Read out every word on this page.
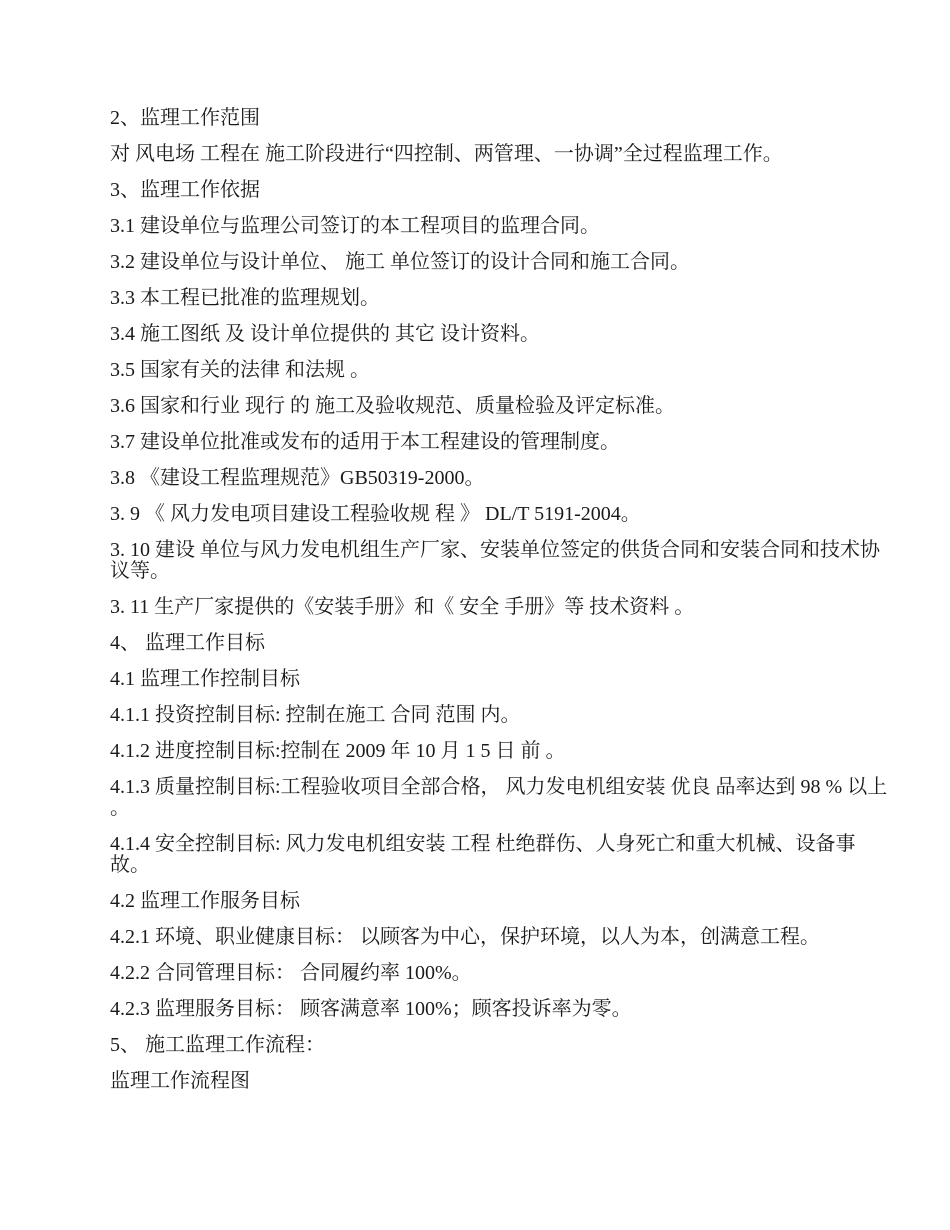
2、监理工作范围

对 风电场 工程在 施工阶段进行“四控制、两管理、一协调”全过程监理工作。

3、监理工作依据

3.1 建设单位与监理公司签订的本工程项目的监理合同。

3.2 建设单位与设计单位、 施工 单位签订的设计合同和施工合同。

3.3 本工程已批准的监理规划。

3.4 施工图纸 及 设计单位提供的 其它 设计资料。

3.5 国家有关的法律 和法规 。

3.6 国家和行业 现行 的 施工及验收规范、质量检验及评定标准。

3.7 建设单位批准或发布的适用于本工程建设的管理制度。

3.8 《建设工程监理规范》GB50319-2000。

3. 9 《 风力发电项目建设工程验收规 程 》 DL/T 5191-2004。

3. 10 建设 单位与风力发电机组生产厂家、安装单位签定的供货合同和安装合同和技术协 议等。

3. 11 生产厂家提供的《安装手册》和《 安全 手册》等 技术资料 。

4、 监理工作目标

4.1 监理工作控制目标

4.1.1 投资控制目标: 控制在施工 合同 范围 内。

4.1.2 进度控制目标:控制在 2009 年 10 月 1 5 日 前 。

4.1.3 质量控制目标:工程验收项目全部合格， 风力发电机组安装 优良 品率达到 98 % 以上 。

4.1.4 安全控制目标: 风力发电机组安装 工程 杜绝群伤、人身死亡和重大机械、设备事 故。

4.2 监理工作服务目标

4.2.1 环境、职业健康目标： 以顾客为中心，保护环境，以人为本，创满意工程。

4.2.2 合同管理目标： 合同履约率 100%。

4.2.3 监理服务目标： 顾客满意率 100%；顾客投诉率为零。

5、 施工监理工作流程：

监理工作流程图
